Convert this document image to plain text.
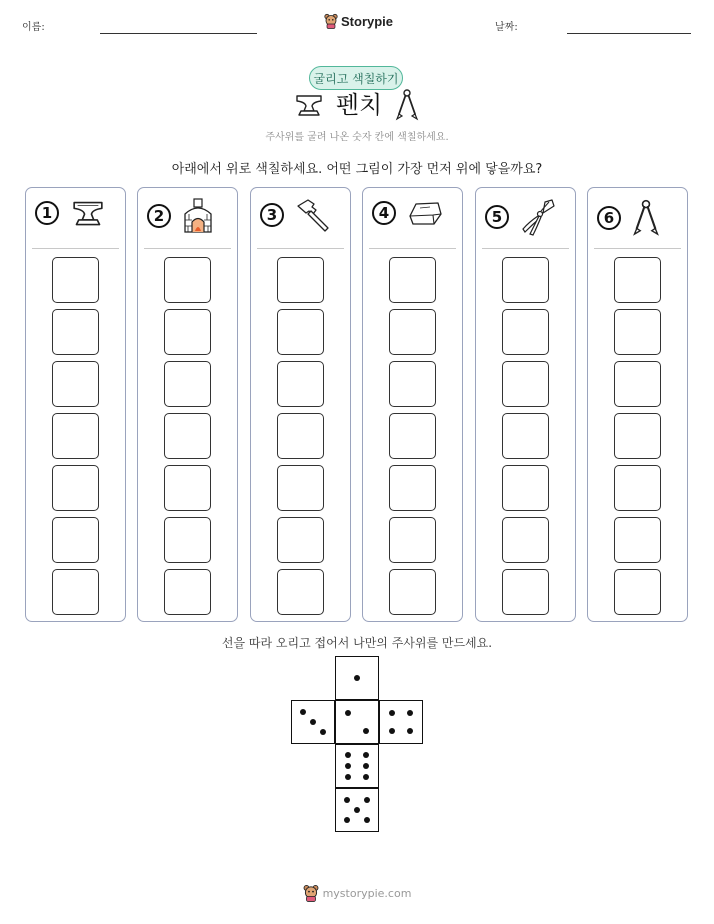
이름:	Storypie	날짜:
굴리고 색칠하기
펜치
주사위를 굴려 나온 숫자 칸에 색칠하세요.
아래에서 위로 색칠하세요. 어떤 그림이 가장 먼저 위에 닿을까요?
1	2	3	4	5	6
선을 따라 오리고 접어서 나만의 주사위를 만드세요.
mystorypie.com
